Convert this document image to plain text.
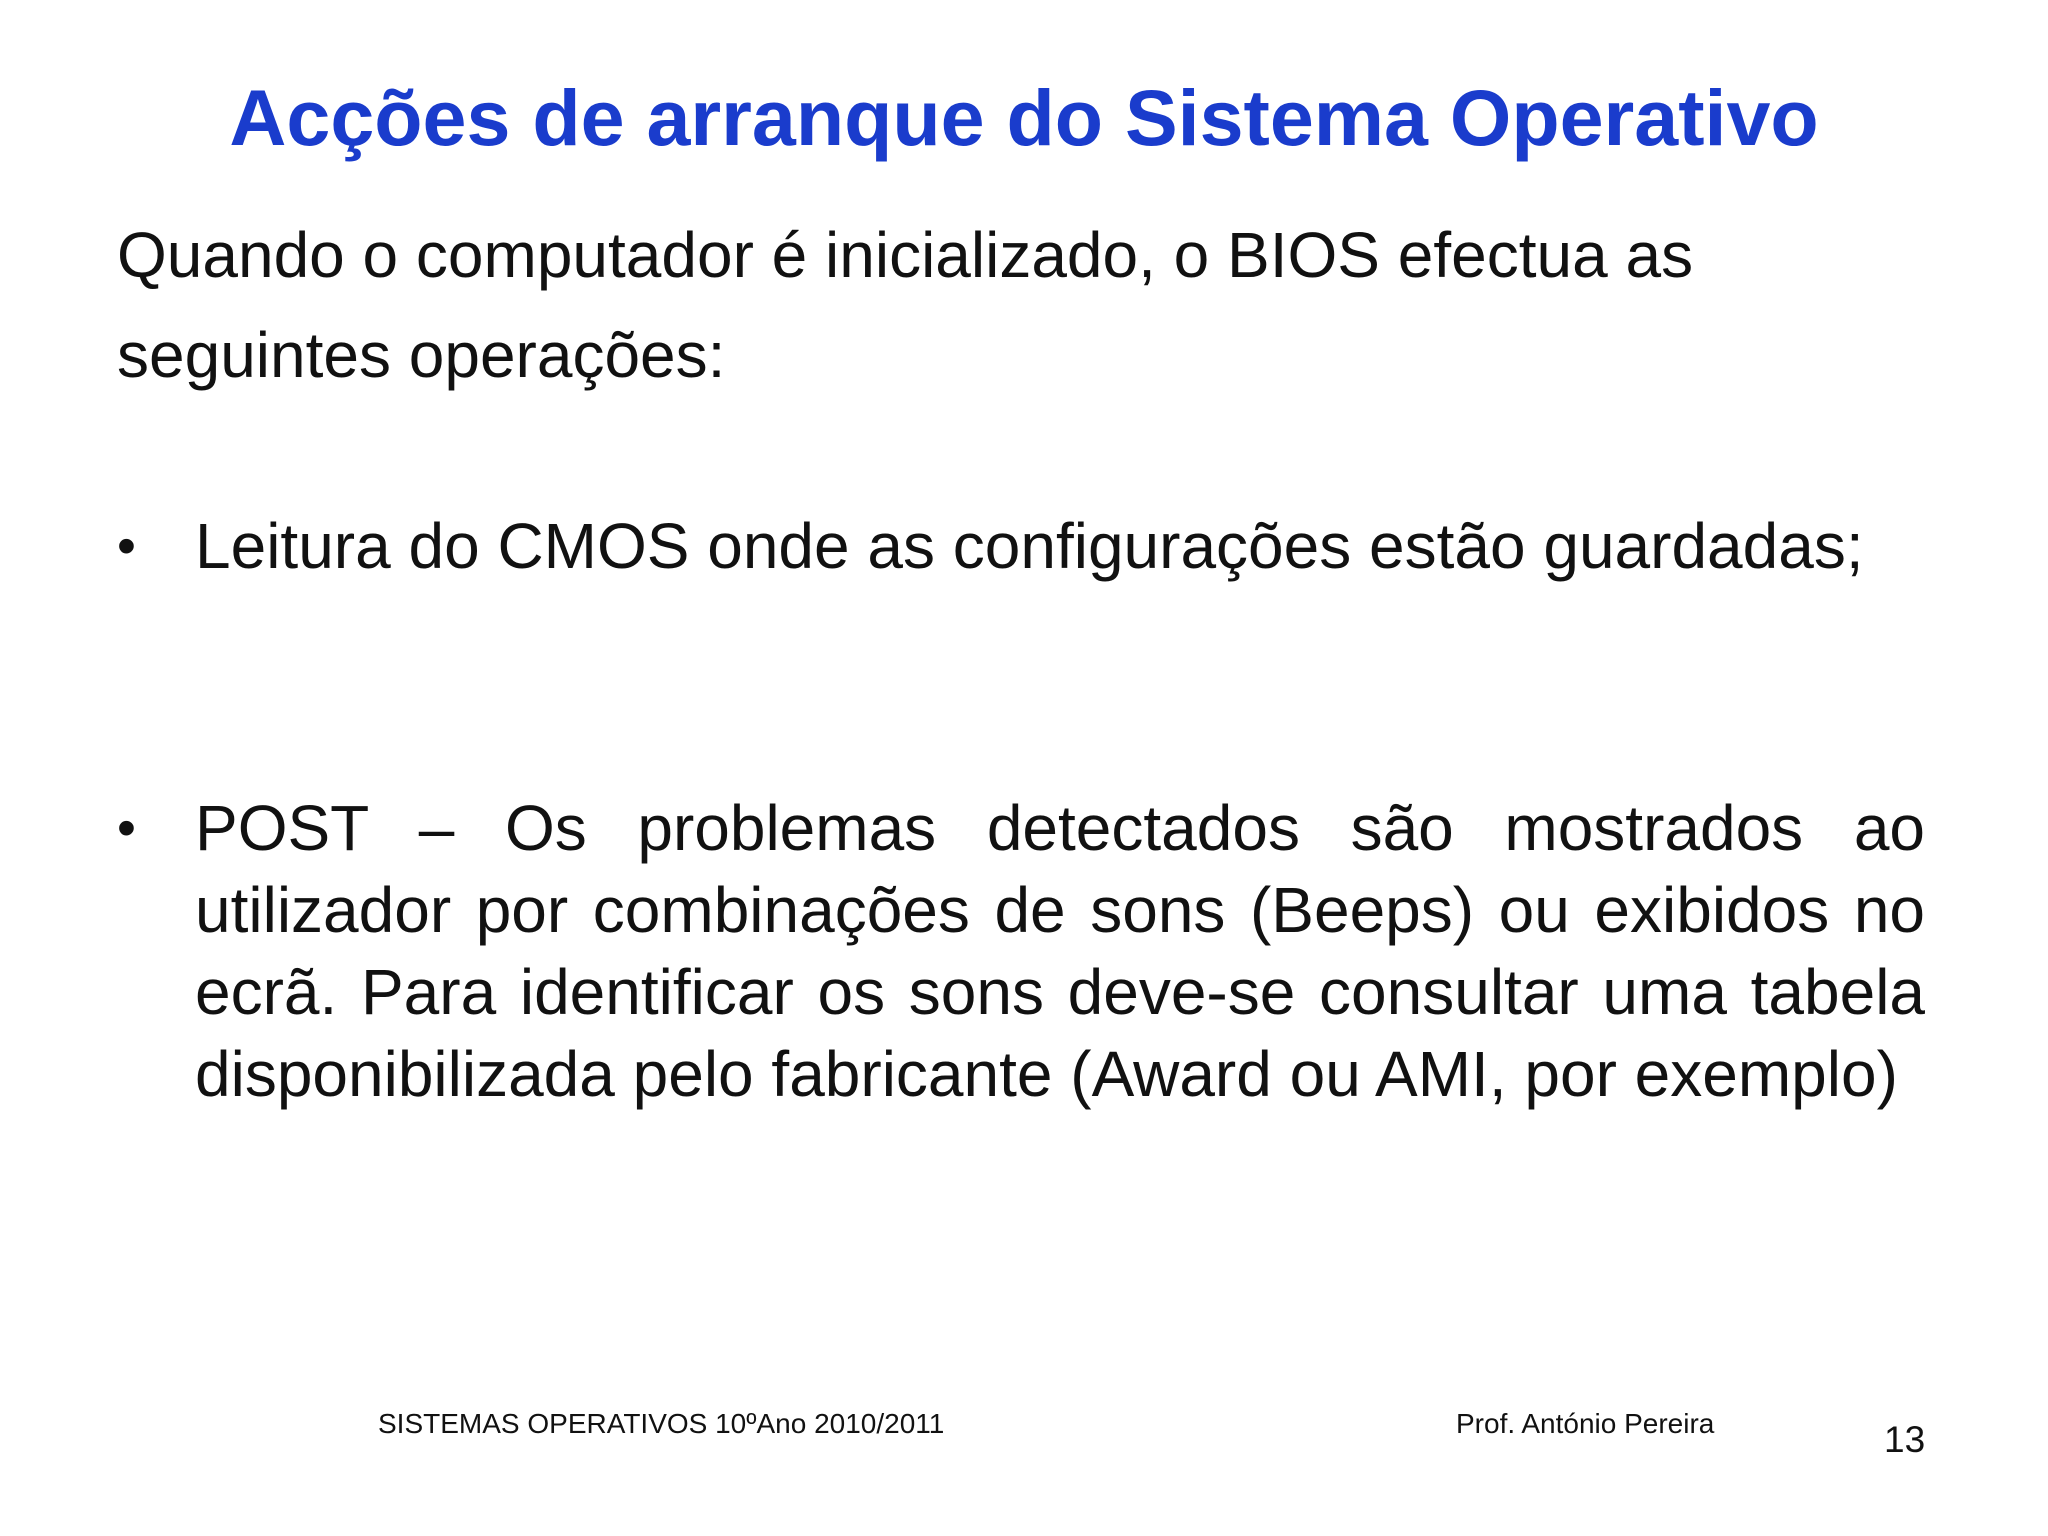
Acções de arranque do Sistema Operativo
Quando o computador é inicializado, o BIOS efectua as
seguintes operações:
• Leitura do CMOS onde as configurações estão guardadas;
• POST – Os problemas detectados são mostrados ao utilizador por combinações de sons (Beeps) ou exibidos no ecrã. Para identificar os sons deve-se consultar uma tabela disponibilizada pelo fabricante (Award ou AMI, por exemplo)
SISTEMAS OPERATIVOS 10ºAno 2010/2011	Prof. António Pereira	13
